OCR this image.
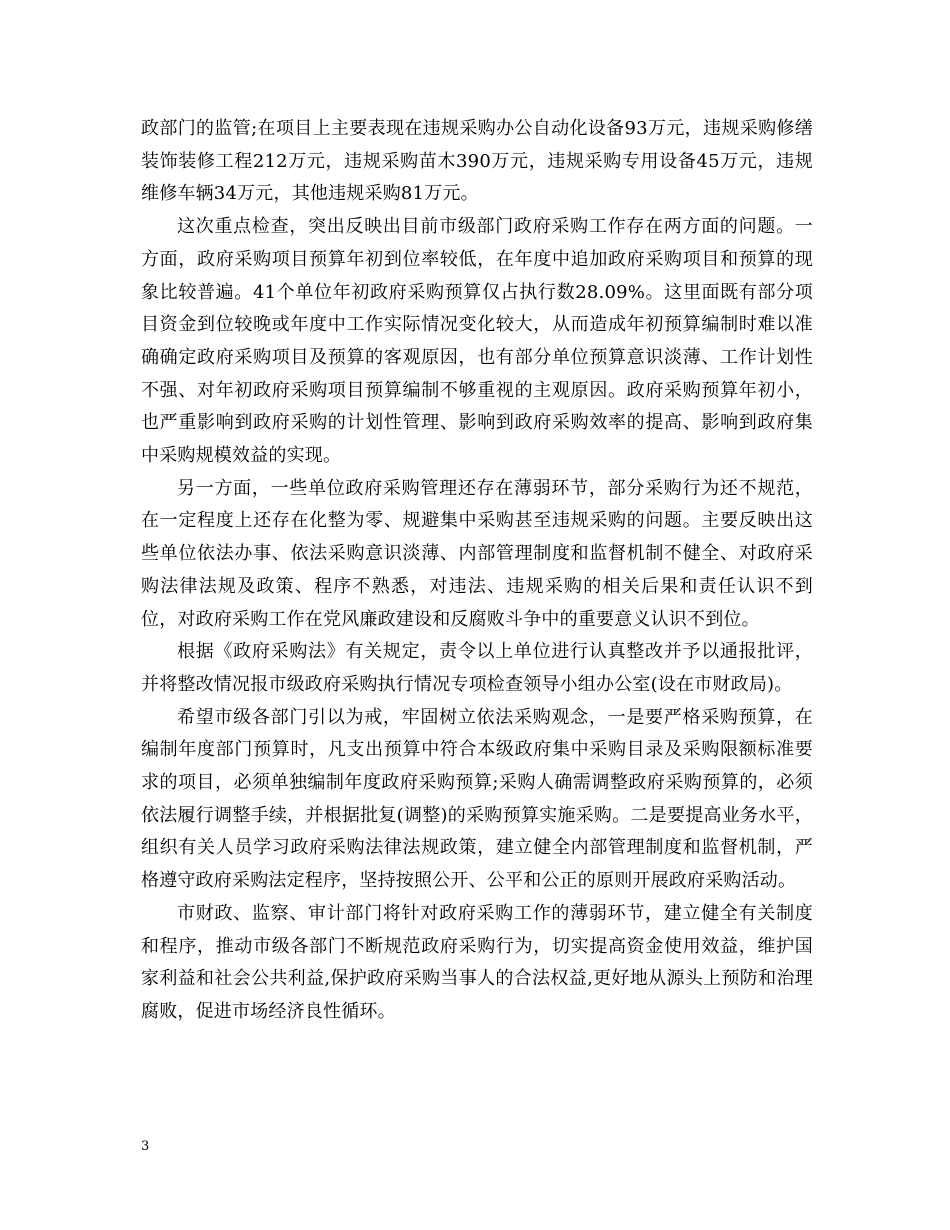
政部门的监管;在项目上主要表现在违规采购办公自动化设备93万元，违规采购修缮装饰装修工程212万元，违规采购苗木390万元，违规采购专用设备45万元，违规维修车辆34万元，其他违规采购81万元。

这次重点检查，突出反映出目前市级部门政府采购工作存在两方面的问题。一方面，政府采购项目预算年初到位率较低，在年度中追加政府采购项目和预算的现象比较普遍。41个单位年初政府采购预算仅占执行数28.09%。这里面既有部分项目资金到位较晚或年度中工作实际情况变化较大，从而造成年初预算编制时难以准确确定政府采购项目及预算的客观原因，也有部分单位预算意识淡薄、工作计划性不强、对年初政府采购项目预算编制不够重视的主观原因。政府采购预算年初小，也严重影响到政府采购的计划性管理、影响到政府采购效率的提高、影响到政府集中采购规模效益的实现。

另一方面，一些单位政府采购管理还存在薄弱环节，部分采购行为还不规范，在一定程度上还存在化整为零、规避集中采购甚至违规采购的问题。主要反映出这些单位依法办事、依法采购意识淡薄、内部管理制度和监督机制不健全、对政府采购法律法规及政策、程序不熟悉，对违法、违规采购的相关后果和责任认识不到位，对政府采购工作在党风廉政建设和反腐败斗争中的重要意义认识不到位。

根据《政府采购法》有关规定，责令以上单位进行认真整改并予以通报批评，并将整改情况报市级政府采购执行情况专项检查领导小组办公室(设在市财政局)。

希望市级各部门引以为戒，牢固树立依法采购观念，一是要严格采购预算，在编制年度部门预算时，凡支出预算中符合本级政府集中采购目录及采购限额标准要求的项目，必须单独编制年度政府采购预算;采购人确需调整政府采购预算的，必须依法履行调整手续，并根据批复(调整)的采购预算实施采购。二是要提高业务水平，组织有关人员学习政府采购法律法规政策，建立健全内部管理制度和监督机制，严格遵守政府采购法定程序，坚持按照公开、公平和公正的原则开展政府采购活动。

市财政、监察、审计部门将针对政府采购工作的薄弱环节，建立健全有关制度和程序，推动市级各部门不断规范政府采购行为，切实提高资金使用效益，维护国家利益和社会公共利益,保护政府采购当事人的合法权益,更好地从源头上预防和治理腐败，促进市场经济良性循环。

3
